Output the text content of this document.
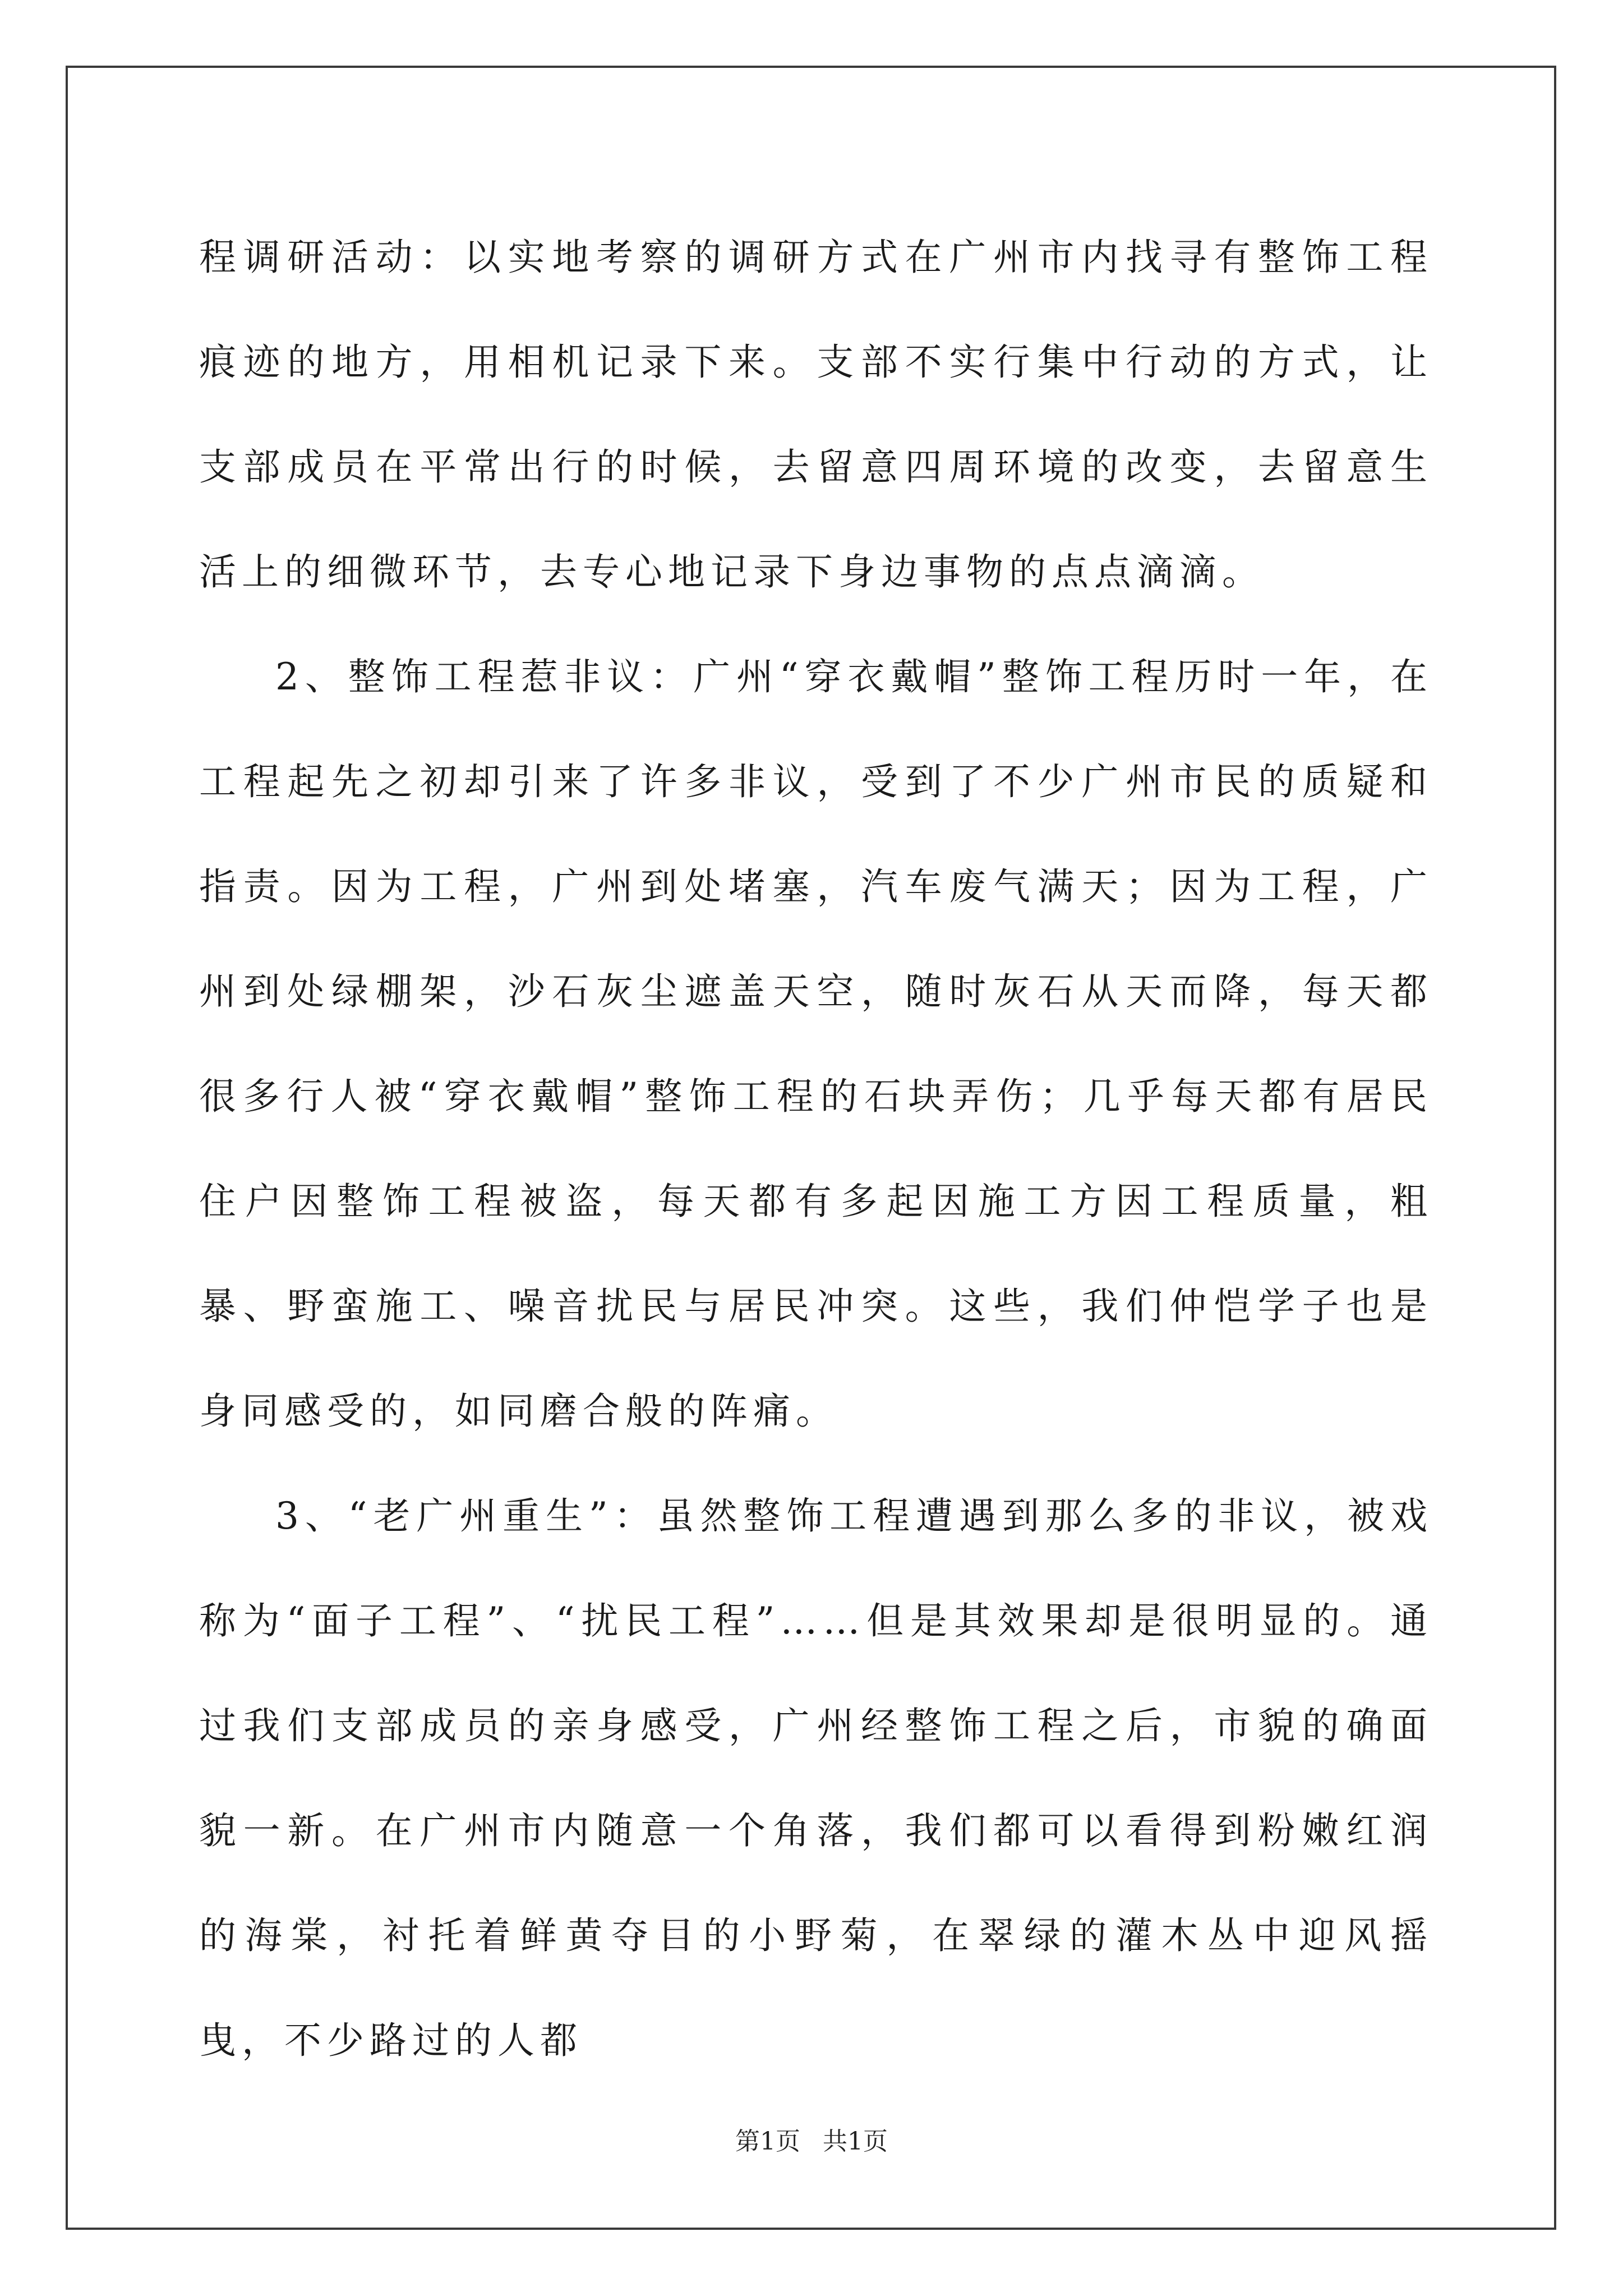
程调研活动：以实地考察的调研方式在广州市内找寻有整饰工程痕迹的地方，用相机记录下来。支部不实行集中行动的方式，让支部成员在平常出行的时候，去留意四周环境的改变，去留意生活上的细微环节，去专心地记录下身边事物的点点滴滴。

2、整饰工程惹非议：广州“穿衣戴帽”整饰工程历时一年，在工程起先之初却引来了许多非议，受到了不少广州市民的质疑和指责。因为工程，广州到处堵塞，汽车废气满天；因为工程，广州到处绿棚架，沙石灰尘遮盖天空，随时灰石从天而降，每天都很多行人被“穿衣戴帽”整饰工程的石块弄伤；几乎每天都有居民住户因整饰工程被盗，每天都有多起因施工方因工程质量，粗暴、野蛮施工、噪音扰民与居民冲突。这些，我们仲恺学子也是身同感受的，如同磨合般的阵痛。

3、“老广州重生”：虽然整饰工程遭遇到那么多的非议，被戏称为“面子工程”、“扰民工程”……但是其效果却是很明显的。通过我们支部成员的亲身感受，广州经整饰工程之后，市貌的确面貌一新。在广州市内随意一个角落，我们都可以看得到粉嫩红润的海棠，衬托着鲜黄夺目的小野菊，在翠绿的灌木丛中迎风摇曳，不少路过的人都

第1页 共1页
